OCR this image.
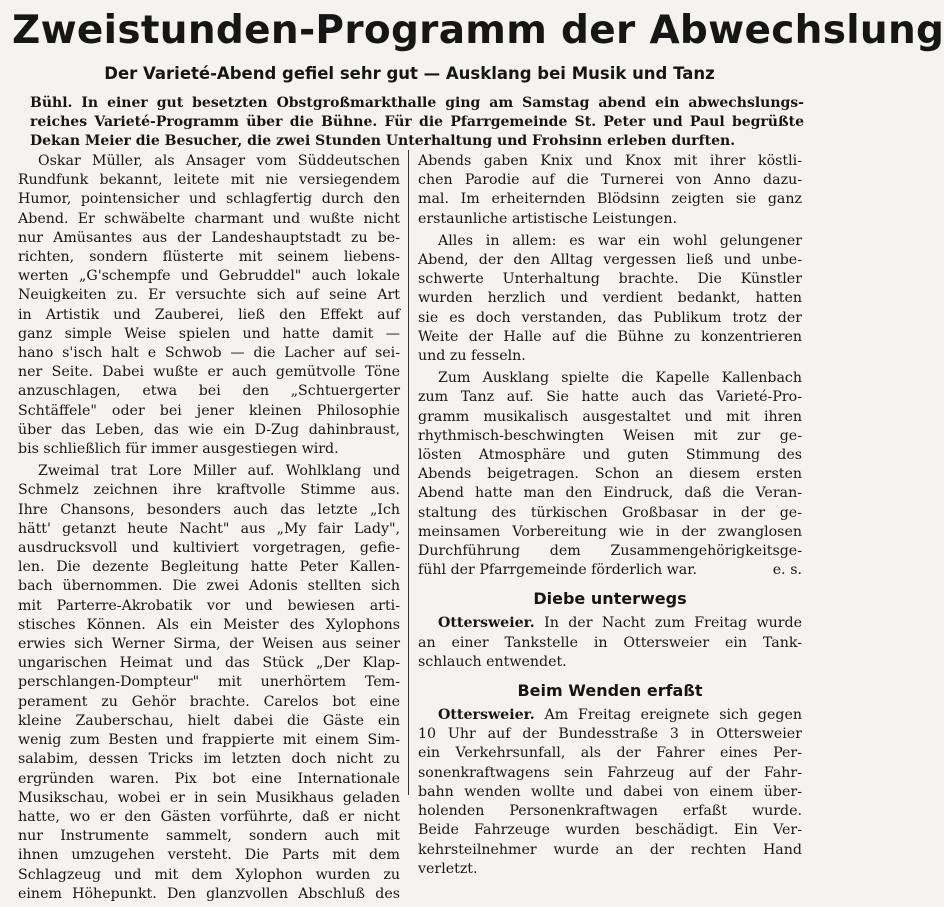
Zweistunden-Programm der Abwechslung
Der Varieté-Abend gefiel sehr gut — Ausklang bei Musik und Tanz
Bühl. In einer gut besetzten Obstgroßmarkthalle ging am Samstag abend ein abwechslungs-
reiches Varieté-Programm über die Bühne. Für die Pfarrgemeinde St. Peter und Paul begrüßte
Dekan Meier die Besucher, die zwei Stunden Unterhaltung und Frohsinn erleben durften.
Oskar Müller, als Ansager vom Süddeutschen
Rundfunk bekannt, leitete mit nie versiegendem
Humor, pointensicher und schlagfertig durch den
Abend. Er schwäbelte charmant und wußte nicht
nur Amüsantes aus der Landeshauptstadt zu be-
richten, sondern flüsterte mit seinem liebens-
werten „G'schempfe und Gebruddel" auch lokale
Neuigkeiten zu. Er versuchte sich auf seine Art
in Artistik und Zauberei, ließ den Effekt auf
ganz simple Weise spielen und hatte damit —
hano s'isch halt e Schwob — die Lacher auf sei-
ner Seite. Dabei wußte er auch gemütvolle Töne
anzuschlagen, etwa bei den „Schtuergerter
Schtäffele" oder bei jener kleinen Philosophie
über das Leben, das wie ein D-Zug dahinbraust,
bis schließlich für immer ausgestiegen wird.
Zweimal trat Lore Miller auf. Wohlklang und
Schmelz zeichnen ihre kraftvolle Stimme aus.
Ihre Chansons, besonders auch das letzte „Ich
hätt' getanzt heute Nacht" aus „My fair Lady",
ausdrucksvoll und kultiviert vorgetragen, gefie-
len. Die dezente Begleitung hatte Peter Kallen-
bach übernommen. Die zwei Adonis stellten sich
mit Parterre-Akrobatik vor und bewiesen arti-
stisches Können. Als ein Meister des Xylophons
erwies sich Werner Sirma, der Weisen aus seiner
ungarischen Heimat und das Stück „Der Klap-
perschlangen-Dompteur" mit unerhörtem Tem-
perament zu Gehör brachte. Carelos bot eine
kleine Zauberschau, hielt dabei die Gäste ein
wenig zum Besten und frappierte mit einem Sim-
salabim, dessen Tricks im letzten doch nicht zu
ergründen waren. Pix bot eine Internationale
Musikschau, wobei er in sein Musikhaus geladen
hatte, wo er den Gästen vorführte, daß er nicht
nur Instrumente sammelt, sondern auch mit
ihnen umzugehen versteht. Die Parts mit dem
Schlagzeug und mit dem Xylophon wurden zu
einem Höhepunkt. Den glanzvollen Abschluß des
Abends gaben Knix und Knox mit ihrer köstli-
chen Parodie auf die Turnerei von Anno dazu-
mal. Im erheiternden Blödsinn zeigten sie ganz
erstaunliche artistische Leistungen.
Alles in allem: es war ein wohl gelungener
Abend, der den Alltag vergessen ließ und unbe-
schwerte Unterhaltung brachte. Die Künstler
wurden herzlich und verdient bedankt, hatten
sie es doch verstanden, das Publikum trotz der
Weite der Halle auf die Bühne zu konzentrieren
und zu fesseln.
Zum Ausklang spielte die Kapelle Kallenbach
zum Tanz auf. Sie hatte auch das Varieté-Pro-
gramm musikalisch ausgestaltet und mit ihren
rhythmisch-beschwingten Weisen mit zur ge-
lösten Atmosphäre und guten Stimmung des
Abends beigetragen. Schon an diesem ersten
Abend hatte man den Eindruck, daß die Veran-
staltung des türkischen Großbasar in der ge-
meinsamen Vorbereitung wie in der zwanglosen
Durchführung dem Zusammengehörigkeitsge-
fühl der Pfarrgemeinde förderlich war.	e. s.
Diebe unterwegs
Ottersweier. In der Nacht zum Freitag wurde
an einer Tankstelle in Ottersweier ein Tank-
schlauch entwendet.
Beim Wenden erfaßt
Ottersweier. Am Freitag ereignete sich gegen
10 Uhr auf der Bundesstraße 3 in Ottersweier
ein Verkehrsunfall, als der Fahrer eines Per-
sonenkraftwagens sein Fahrzeug auf der Fahr-
bahn wenden wollte und dabei von einem über-
holenden Personenkraftwagen erfaßt wurde.
Beide Fahrzeuge wurden beschädigt. Ein Ver-
kehrsteilnehmer wurde an der rechten Hand
verletzt.
